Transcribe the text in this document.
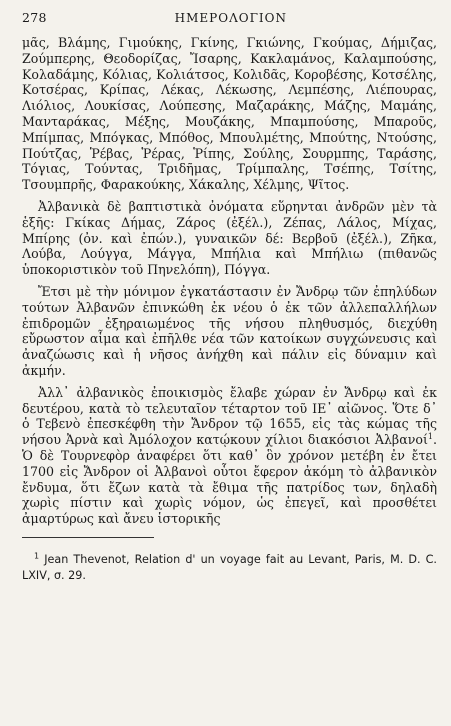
278	ΗΜΕΡΟΛΟΓΙΟΝ

μᾶς, Βλάμης, Γιμούκης, Γκίνης, Γκιώνης, Γκούμας, Δήμιζας, Ζούμπερης, Θεοδορίζας, Ἴσαρης, Κακλαμάνος, Καλαμπούσης, Κολαδάμης, Κόλιας, Κολιάτσος, Κολιδᾶς, Κοροβέσης, Κοτσέλης, Κοτσέρας, Κρίπας, Λέκας, Λέκωσης, Λεμπέσης, Λιέπουρας, Λιόλιος, Λουκίσας, Λούπεσης, Μαζαράκης, Μάζης, Μαμάης, Μανταράκας, Μέξης, Μουζάκης, Μπαμπούσης, Μπαροῦς, Μπίμπας, Μπόγκας, Μπόθος, Μπουλμέτης, Μπούτης, Ντούσης, Πούτζας, Ῥέβας, Ῥέρας, Ῥίπης, Σούλης, Σουρμπης, Ταράσης, Τόγιας, Τούντας, Τριδῆμας, Τρίμπαλης, Τσέπης, Τσίτης, Τσουμπρῆς, Φαρακούκης, Χάκαλης, Χέλμης, Ψῖτος.

Ἀλβανικὰ δὲ βαπτιστικὰ ὀνόματα εὕρηνται ἀνδρῶν μὲν τὰ ἑξῆς: Γκίκας Δήμας, Ζάρος (ἐξέλ.), Ζέπας, Λάλος, Μίχας, Μπίρης (ὀν. καὶ ἐπών.), γυναικῶν δέ: Βερβοῦ (ἐξέλ.), Ζῆκα, Λούβα, Λούγγα, Μάγγα, Μπήλια καὶ Μπήλιω (πιθανῶς ὑποκοριστικὸν τοῦ Πηνελόπη), Πόγγα.

Ἔτσι μὲ τὴν μόνιμον ἐγκατάστασιν ἐν Ἄνδρῳ τῶν ἐπηλύδων τούτων Ἀλβανῶν ἐπινκώθη ἐκ νέου ὁ ἐκ τῶν ἀλλεπαλλήλων ἐπιδρομῶν ἐξηραιωμένος τῆς νήσου πληθυσμός, διεχύθη εὔρωστον αἷμα καὶ ἐπῆλθε νέα τῶν κατοίκων συγχώνευσις καὶ ἀναζώωσις καὶ ἡ νῆσος ἀνήχθη καὶ πάλιν εἰς δύναμιν καὶ ἀκμήν.

Ἀλλ᾽ ἀλβανικὸς ἐποικισμὸς ἔλαβε χώραν ἐν Ἄνδρῳ καὶ ἐκ δευτέρου, κατὰ τὸ τελευταῖον τέταρτον τοῦ ΙΕ᾽ αἰῶνος. Ὅτε δ᾽ ὁ Τεβενὸ ἐπεσκέφθη τὴν Ἄνδρον τῷ 1655, εἰς τὰς κώμας τῆς νήσου Ἀρνὰ καὶ Ἀμόλοχον κατῴκουν χίλιοι διακόσιοι Ἀλβανοί$^1$. Ὁ δὲ Τουρνεφὸρ ἀναφέρει ὅτι καθ᾽ ὃν χρόνον μετέβη ἐν ἔτει 1700 εἰς Ἄνδρον οἱ Ἀλβανοὶ οὗτοι ἔφερον ἀκόμη τὸ ἀλβανικὸν ἔνδυμα, ὅτι ἔζων κατὰ τὰ ἔθιμα τῆς πατρίδος των, δηλαδὴ χωρὶς πίστιν καὶ χωρὶς νόμον, ὡς ἐπεγεῖ, καὶ προσθέτει ἀμαρτύρως καὶ ἄνευ ἱστορικῆς

$^1$ Jean Thevenot, Relation d' un voyage fait au Levant, Paris, M. D. C. LXIV, σ. 29.
